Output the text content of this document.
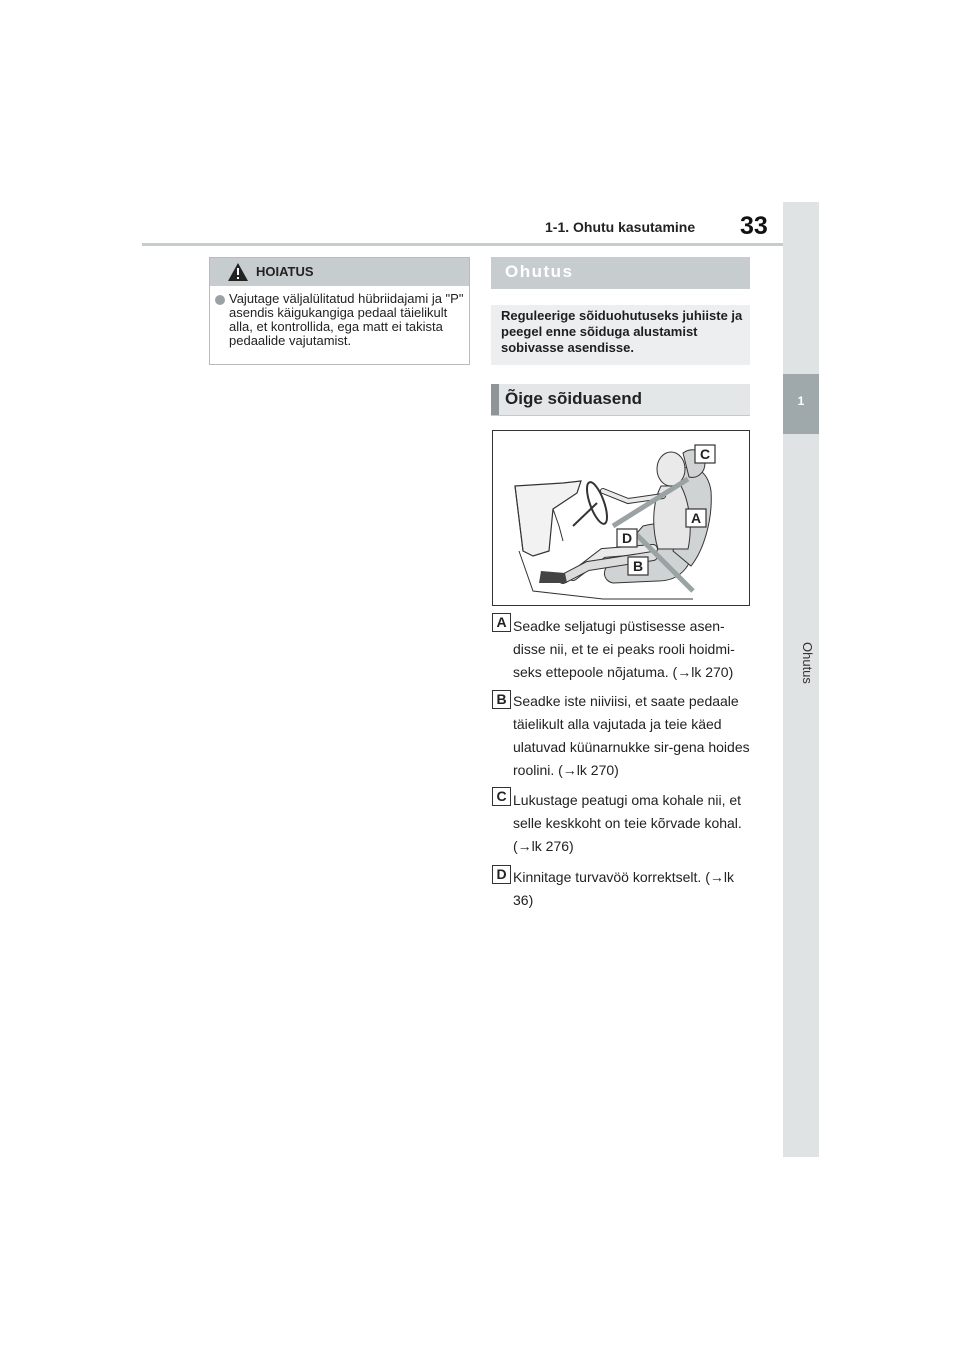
1-1. Ohutu kasutamine 33
1
Ohutus
HOIATUS
Vajutage väljalülitatud hübriidajami ja "P" asendis käigukangiga pedaal täielikult alla, et kontrollida, ega matt ei takista pedaalide vajutamist.
Ohutus
Reguleerige sõiduohutuseks juhiiste ja peegel enne sõiduga alustamist sobivasse asendisse.
Õige sõiduasend
C
A
D
B
A Seadke seljatugi püstisesse asen-disse nii, et te ei peaks rooli hoidmi-seks ettepoole nõjatuma. (→lk 270)
B Seadke iste niiviisi, et saate pedaale täielikult alla vajutada ja teie käed ulatuvad küünarnukke sir-gena hoides roolini. (→lk 270)
C Lukustage peatugi oma kohale nii, et selle keskkoht on teie kõrvade kohal. (→lk 276)
D Kinnitage turvavöö korrektselt. (→lk 36)
